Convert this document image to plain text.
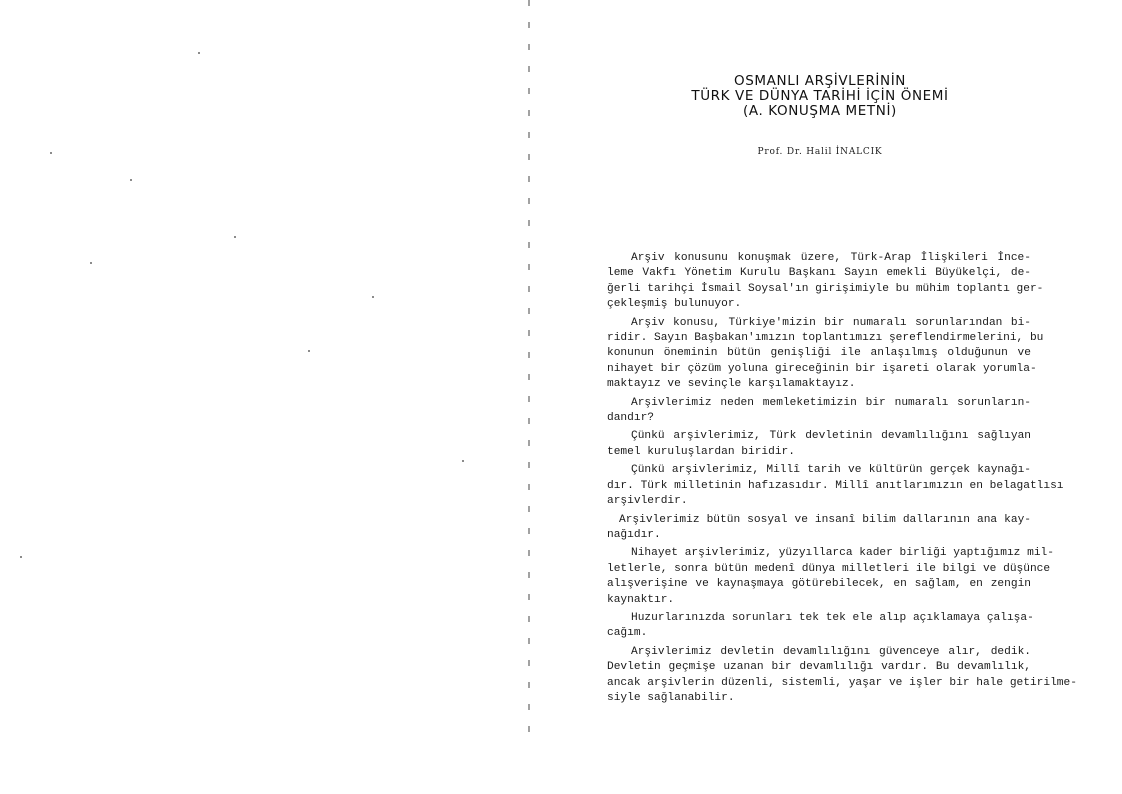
OSMANLI ARŞİVLERİNİN
TÜRK VE DÜNYA TARİHİ İÇİN ÖNEMİ
(A. KONUŞMA METNİ)
Prof. Dr. Halil İNALCIK
Arşiv konusunu konuşmak üzere, Türk-Arap İlişkileri İnce-
leme Vakfı Yönetim Kurulu Başkanı Sayın emekli Büyükelçi, de-
ğerli tarihçi İsmail Soysal'ın girişimiyle bu mühim toplantı ger-
çekleşmiş bulunuyor.
Arşiv konusu, Türkiye'mizin bir numaralı sorunlarından bi-
ridir. Sayın Başbakan'ımızın toplantımızı şereflendirmelerini, bu
konunun öneminin bütün genişliği ile anlaşılmış olduğunun ve
nihayet bir çözüm yoluna gireceğinin bir işareti olarak yorumla-
maktayız ve sevinçle karşılamaktayız.
Arşivlerimiz neden memleketimizin bir numaralı sorunların-
dandır?
Çünkü arşivlerimiz, Türk devletinin devamlılığını sağlıyan
temel kuruluşlardan biridir.
Çünkü arşivlerimiz, Millî tarih ve kültürün gerçek kaynağı-
dır. Türk milletinin hafızasıdır. Millî anıtlarımızın en belagatlısı
arşivlerdir.
Arşivlerimiz bütün sosyal ve insanî bilim dallarının ana kay-
nağıdır.
Nihayet arşivlerimiz, yüzyıllarca kader birliği yaptığımız mil-
letlerle, sonra bütün medenî dünya milletleri ile bilgi ve düşünce
alışverişine ve kaynaşmaya götürebilecek, en sağlam, en zengin
kaynaktır.
Huzurlarınızda sorunları tek tek ele alıp açıklamaya çalışa-
cağım.
Arşivlerimiz devletin devamlılığını güvenceye alır, dedik.
Devletin geçmişe uzanan bir devamlılığı vardır. Bu devamlılık,
ancak arşivlerin düzenli, sistemli, yaşar ve işler bir hale getirilme-
siyle sağlanabilir.
